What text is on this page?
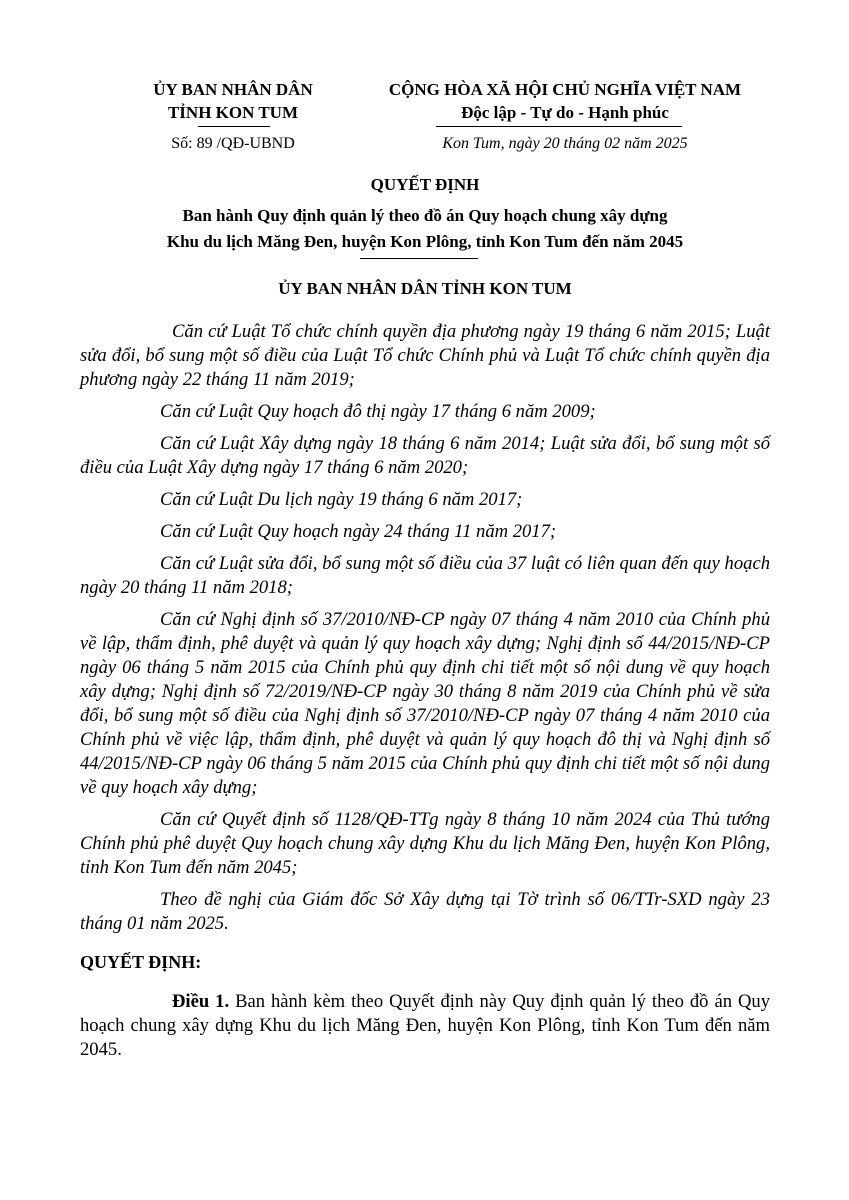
ỦY BAN NHÂN DÂN
TỈNH KON TUM
CỘNG HÒA XÃ HỘI CHỦ NGHĨA VIỆT NAM
Độc lập - Tự do - Hạnh phúc
Số: 89 /QĐ-UBND	Kon Tum, ngày 20 tháng 02 năm 2025
QUYẾT ĐỊNH
Ban hành Quy định quản lý theo đồ án Quy hoạch chung xây dựng
Khu du lịch Măng Đen, huyện Kon Plông, tỉnh Kon Tum đến năm 2045
ỦY BAN NHÂN DÂN TỈNH KON TUM

Căn cứ Luật Tổ chức chính quyền địa phương ngày 19 tháng 6 năm 2015; Luật sửa đổi, bổ sung một số điều của Luật Tổ chức Chính phủ và Luật Tổ chức chính quyền địa phương ngày 22 tháng 11 năm 2019;

Căn cứ Luật Quy hoạch đô thị ngày 17 tháng 6 năm 2009;

Căn cứ Luật Xây dựng ngày 18 tháng 6 năm 2014; Luật sửa đổi, bổ sung một số điều của Luật Xây dựng ngày 17 tháng 6 năm 2020;

Căn cứ Luật Du lịch ngày 19 tháng 6 năm 2017;

Căn cứ Luật Quy hoạch ngày 24 tháng 11 năm 2017;

Căn cứ Luật sửa đổi, bổ sung một số điều của 37 luật có liên quan đến quy hoạch ngày 20 tháng 11 năm 2018;

Căn cứ Nghị định số 37/2010/NĐ-CP ngày 07 tháng 4 năm 2010 của Chính phủ về lập, thẩm định, phê duyệt và quản lý quy hoạch xây dựng; Nghị định số 44/2015/NĐ-CP ngày 06 tháng 5 năm 2015 của Chính phủ quy định chi tiết một số nội dung về quy hoạch xây dựng; Nghị định số 72/2019/NĐ-CP ngày 30 tháng 8 năm 2019 của Chính phủ về sửa đổi, bổ sung một số điều của Nghị định số 37/2010/NĐ-CP ngày 07 tháng 4 năm 2010 của Chính phủ về việc lập, thẩm định, phê duyệt và quản lý quy hoạch đô thị và Nghị định số 44/2015/NĐ-CP ngày 06 tháng 5 năm 2015 của Chính phủ quy định chi tiết một số nội dung về quy hoạch xây dựng;

Căn cứ Quyết định số 1128/QĐ-TTg ngày 8 tháng 10 năm 2024 của Thủ tướng Chính phủ phê duyệt Quy hoạch chung xây dựng Khu du lịch Măng Đen, huyện Kon Plông, tỉnh Kon Tum đến năm 2045;

Theo đề nghị của Giám đốc Sở Xây dựng tại Tờ trình số 06/TTr-SXD ngày 23 tháng 01 năm 2025.

QUYẾT ĐỊNH:

Điều 1. Ban hành kèm theo Quyết định này Quy định quản lý theo đồ án Quy hoạch chung xây dựng Khu du lịch Măng Đen, huyện Kon Plông, tỉnh Kon Tum đến năm 2045.
